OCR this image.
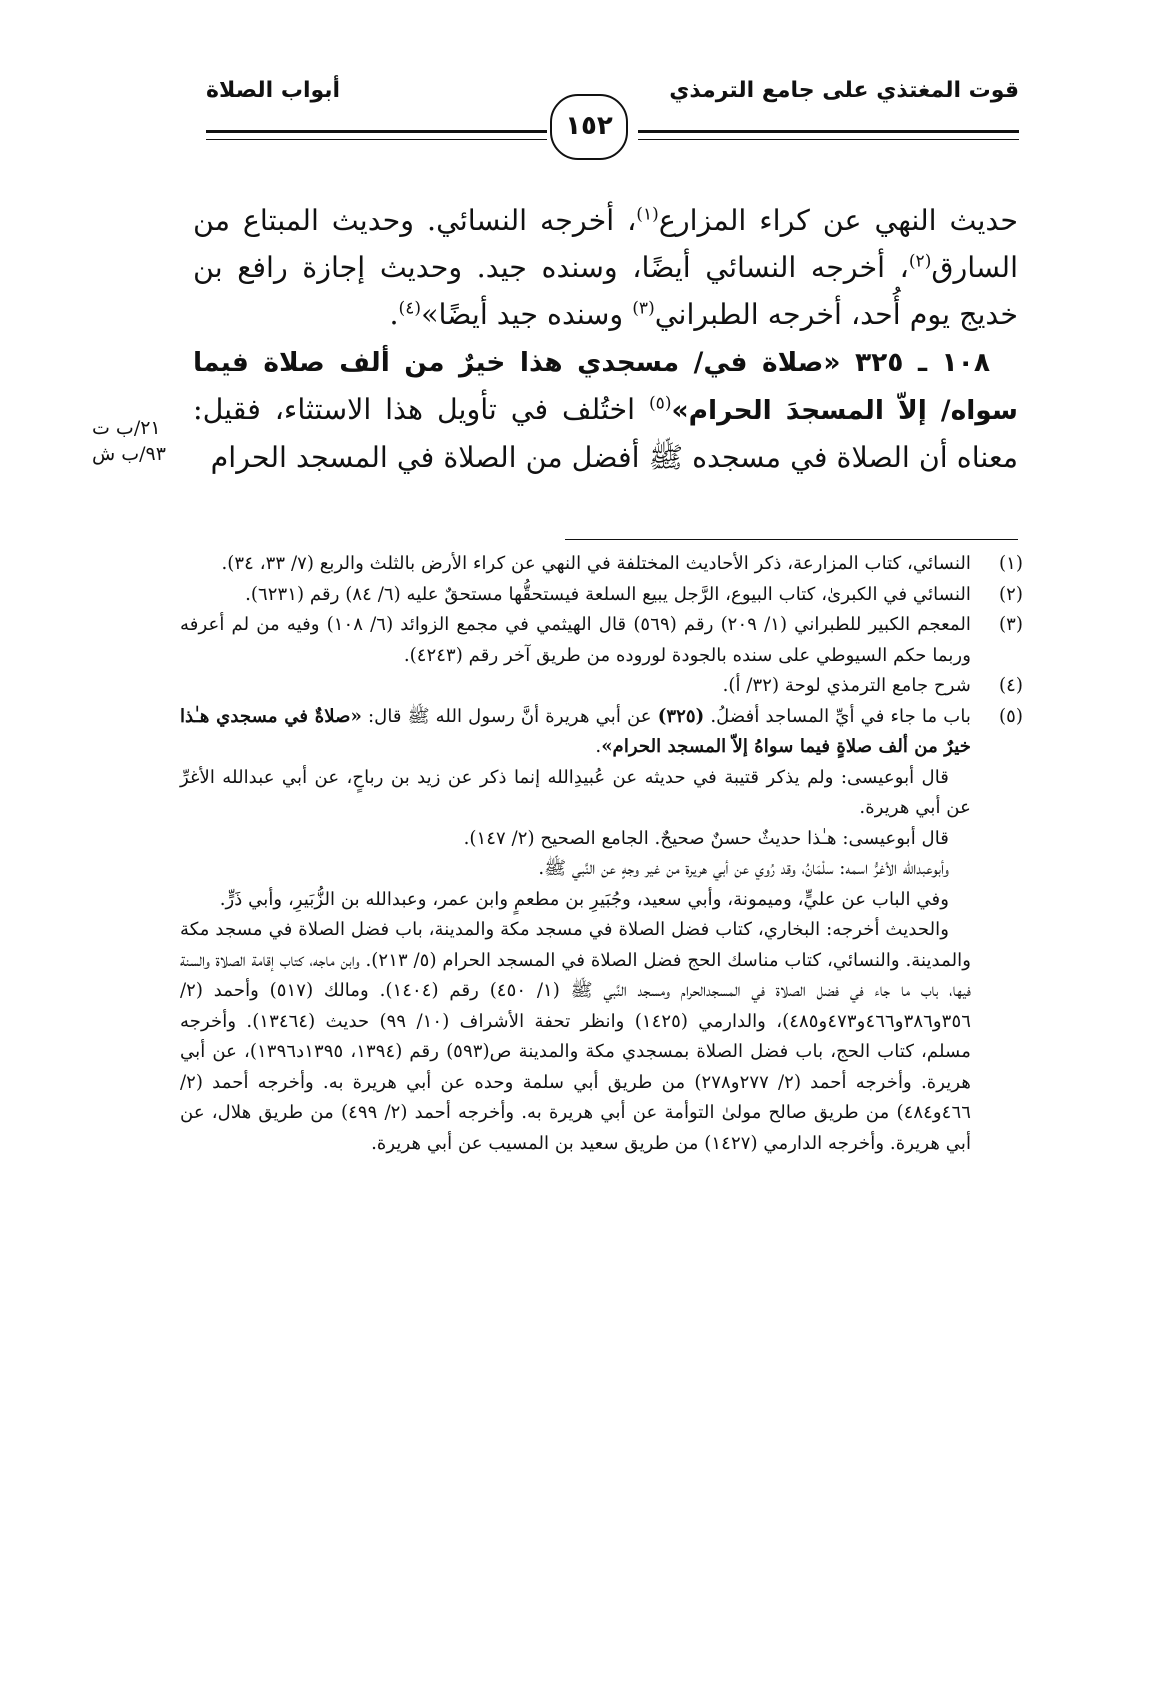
قوت المغتذي على جامع الترمذي
أبواب الصلاة
١٥٢

حديث النهي عن كراء المزارع$^{(١)}$، أخرجه النسائي. وحديث المبتاع من السارق$^{(٢)}$، أخرجه النسائي أيضًا، وسنده جيد. وحديث إجازة رافع بن خديج يوم أُحد، أخرجه الطبراني$^{(٣)}$ وسنده جيد أيضًا»$^{(٤)}$.

١٠٨ ـ ٣٢٥ «صلاة في/ مسجدي هذا خيرٌ من ألف صلاة فيما سواه/ إلاّ المسجدَ الحرام»$^{(٥)}$ اختُلف في تأويل هذا الاستثاء، فقيل: معناه أن الصلاة في مسجده ﷺ أفضل من الصلاة في المسجد الحرام

٢١/ب ت
٩٣/ب ش
(١)

النسائي، كتاب المزارعة، ذكر الأحاديث المختلفة في النهي عن كراء الأرض بالثلث والربع (٧/ ٣٣، ٣٤).

(٢)

النسائي في الكبرىٰ، كتاب البيوع، الرَّجل يبيع السلعة فيستحقُّها مستحقٌ عليه (٦/ ٨٤) رقم (٦٢٣١).

(٣)

المعجم الكبير للطبراني (١/ ٢٠٩) رقم (٥٦٩) قال الهيثمي في مجمع الزوائد (٦/ ١٠٨) وفيه من لم أعرفه وربما حكم السيوطي على سنده بالجودة لوروده من طريق آخر رقم (٤٢٤٣).

(٤)

شرح جامع الترمذي لوحة (٣٢/ أ).

(٥)

باب ما جاء في أيِّ المساجد أفضلُ. (٣٢٥) عن أبي هريرة أنَّ رسول الله ﷺ قال: «صلاةٌ في مسجدي هـٰذا خيرٌ من ألف صلاةٍ فيما سواهُ إلاّ المسجد الحرام».

قال أبوعيسى: ولم يذكر قتيبة في حديثه عن عُبيدِالله إنما ذكر عن زيد بن رباحٍ، عن أبي عبدالله الأغرِّ عن أبي هريرة.

قال أبوعيسى: هـٰذا حديثٌ حسنٌ صحيحٌ. الجامع الصحيح (٢/ ١٤٧).

وأبوعبدالله الأغرُّ اسمه: سلْمَانُ، وقد رُوي عن أبي هريرة من غير وجهٍ عن النَّبي ﷺ.

وفي الباب عن عليٍّ، وميمونة، وأبي سعيد، وجُبَيرِ بن مطعمٍ وابن عمر، وعبدالله بن الزُّبَيرِ، وأبي ذَرٍّ.

والحديث أخرجه: البخاري، كتاب فضل الصلاة في مسجد مكة والمدينة، باب فضل الصلاة في مسجد مكة والمدينة. والنسائي، كتاب مناسك الحج فضل الصلاة في المسجد الحرام (٥/ ٢١٣). وابن ماجه، كتاب إقامة الصلاة والسنة فيها، باب ما جاء في فضل الصلاة في المسجدالحرام ومسجد النَّبي ﷺ (١/ ٤٥٠) رقم (١٤٠٤). ومالك (٥١٧) وأحمد (٢/ ٣٥٦و٣٨٦و٤٦٦و٤٧٣و٤٨٥)، والدارمي (١٤٢٥) وانظر تحفة الأشراف (١٠/ ٩٩) حديث (١٣٤٦٤). وأخرجه مسلم، كتاب الحج، باب فضل الصلاة بمسجدي مكة والمدينة ص(٥٩٣) رقم (١٣٩٤، ١٣٩٥د١٣٩٦)، عن أبي هريرة. وأخرجه أحمد (٢/ ٢٧٧و٢٧٨) من طريق أبي سلمة وحده عن أبي هريرة به. وأخرجه أحمد (٢/ ٤٦٦و٤٨٤) من طريق صالح مولىٰ التوأمة عن أبي هريرة به. وأخرجه أحمد (٢/ ٤٩٩) من طريق هلال، عن أبي هريرة. وأخرجه الدارمي (١٤٢٧) من طريق سعيد بن المسيب عن أبي هريرة.
